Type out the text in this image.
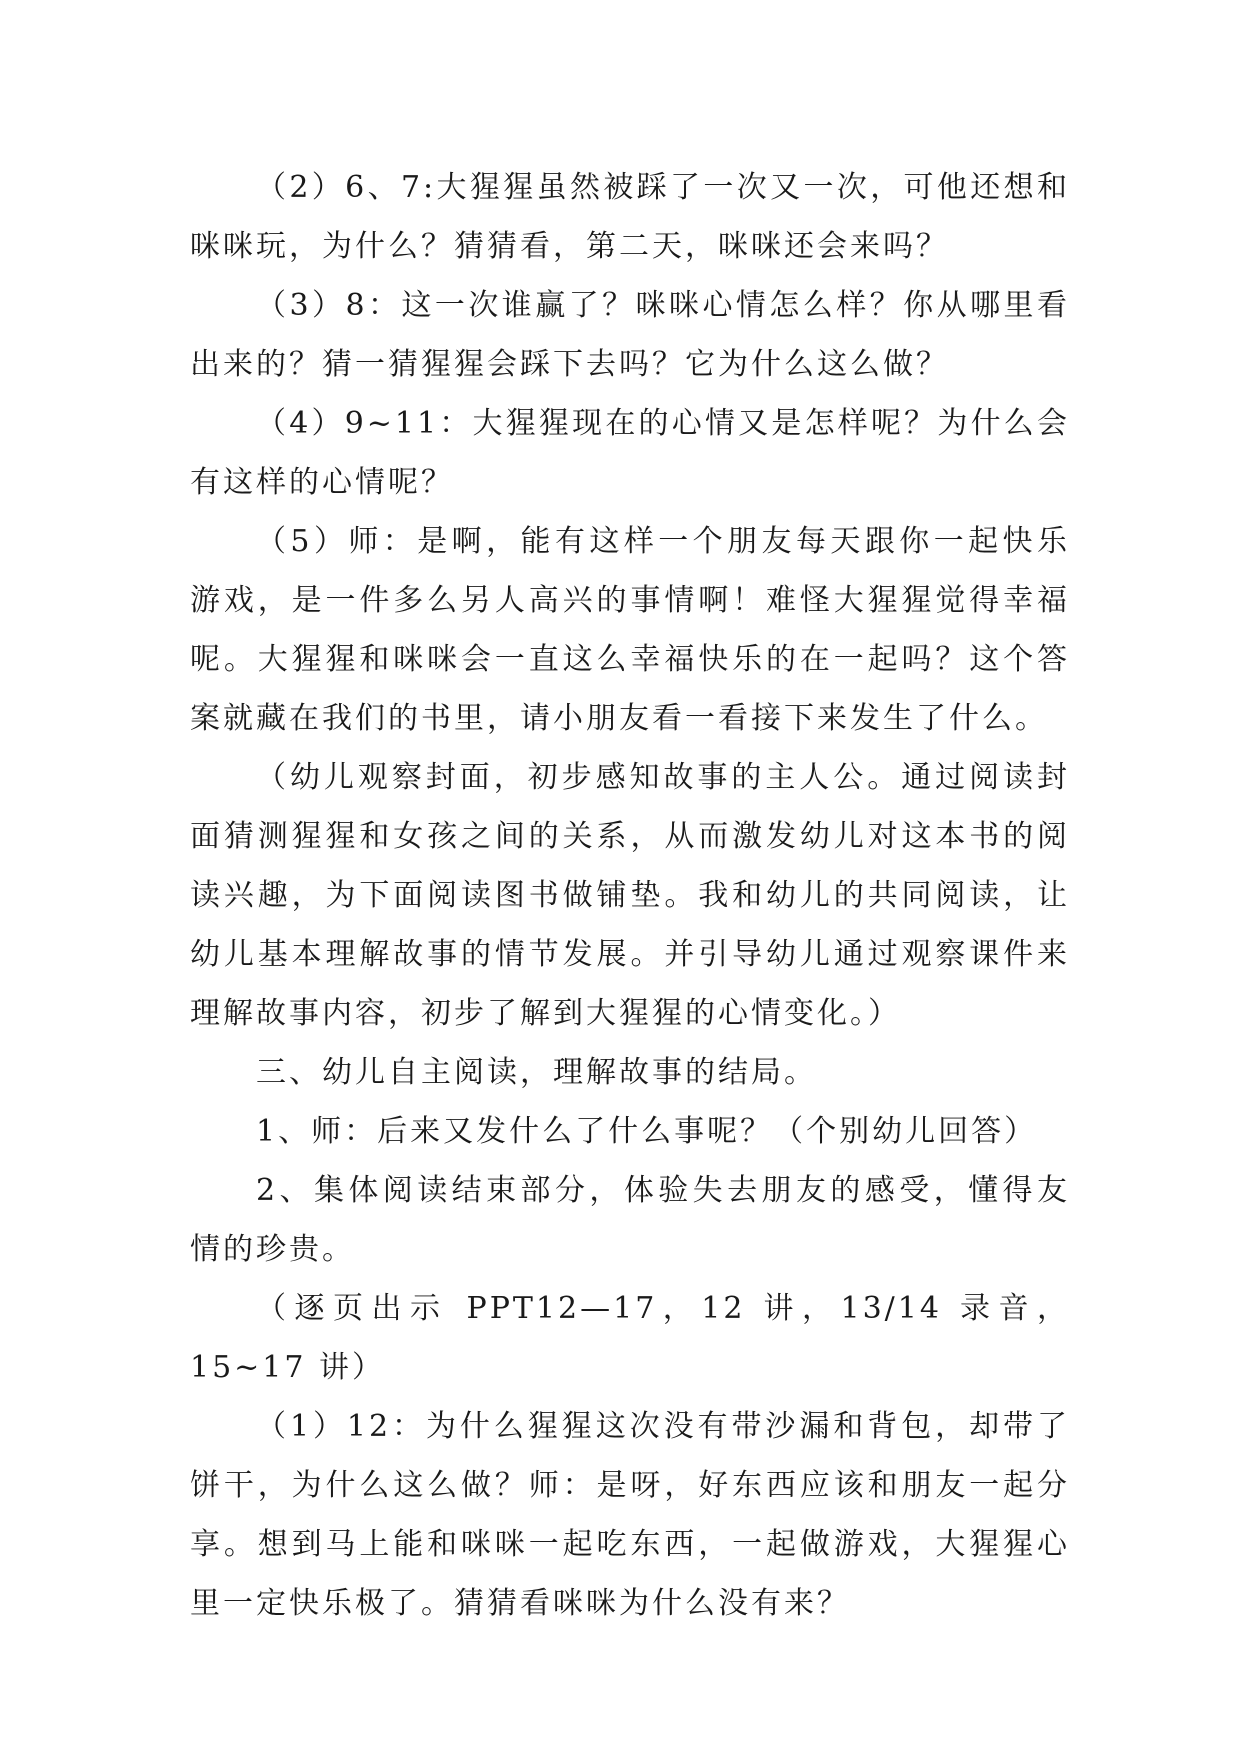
（2）6、7:大猩猩虽然被踩了一次又一次，可他还想和咪咪玩，为什么？猜猜看，第二天，咪咪还会来吗？

（3）8：这一次谁赢了？咪咪心情怎么样？你从哪里看出来的？猜一猜猩猩会踩下去吗？它为什么这么做？

（4）9~11：大猩猩现在的心情又是怎样呢？为什么会有这样的心情呢？

（5）师：是啊，能有这样一个朋友每天跟你一起快乐游戏，是一件多么另人高兴的事情啊！难怪大猩猩觉得幸福呢。大猩猩和咪咪会一直这么幸福快乐的在一起吗？这个答案就藏在我们的书里，请小朋友看一看接下来发生了什么。

（幼儿观察封面，初步感知故事的主人公。通过阅读封面猜测猩猩和女孩之间的关系，从而激发幼儿对这本书的阅读兴趣，为下面阅读图书做铺垫。我和幼儿的共同阅读，让幼儿基本理解故事的情节发展。并引导幼儿通过观察课件来理解故事内容，初步了解到大猩猩的心情变化。）

三、幼儿自主阅读，理解故事的结局。

1、师：后来又发什么了什么事呢？（个别幼儿回答）

2、集体阅读结束部分，体验失去朋友的感受，懂得友情的珍贵。

（逐页出示 PPT12—17，12 讲，13/14 录音，15~17 讲）

（1）12：为什么猩猩这次没有带沙漏和背包，却带了饼干，为什么这么做？师：是呀，好东西应该和朋友一起分享。想到马上能和咪咪一起吃东西，一起做游戏，大猩猩心里一定快乐极了。猜猜看咪咪为什么没有来？
